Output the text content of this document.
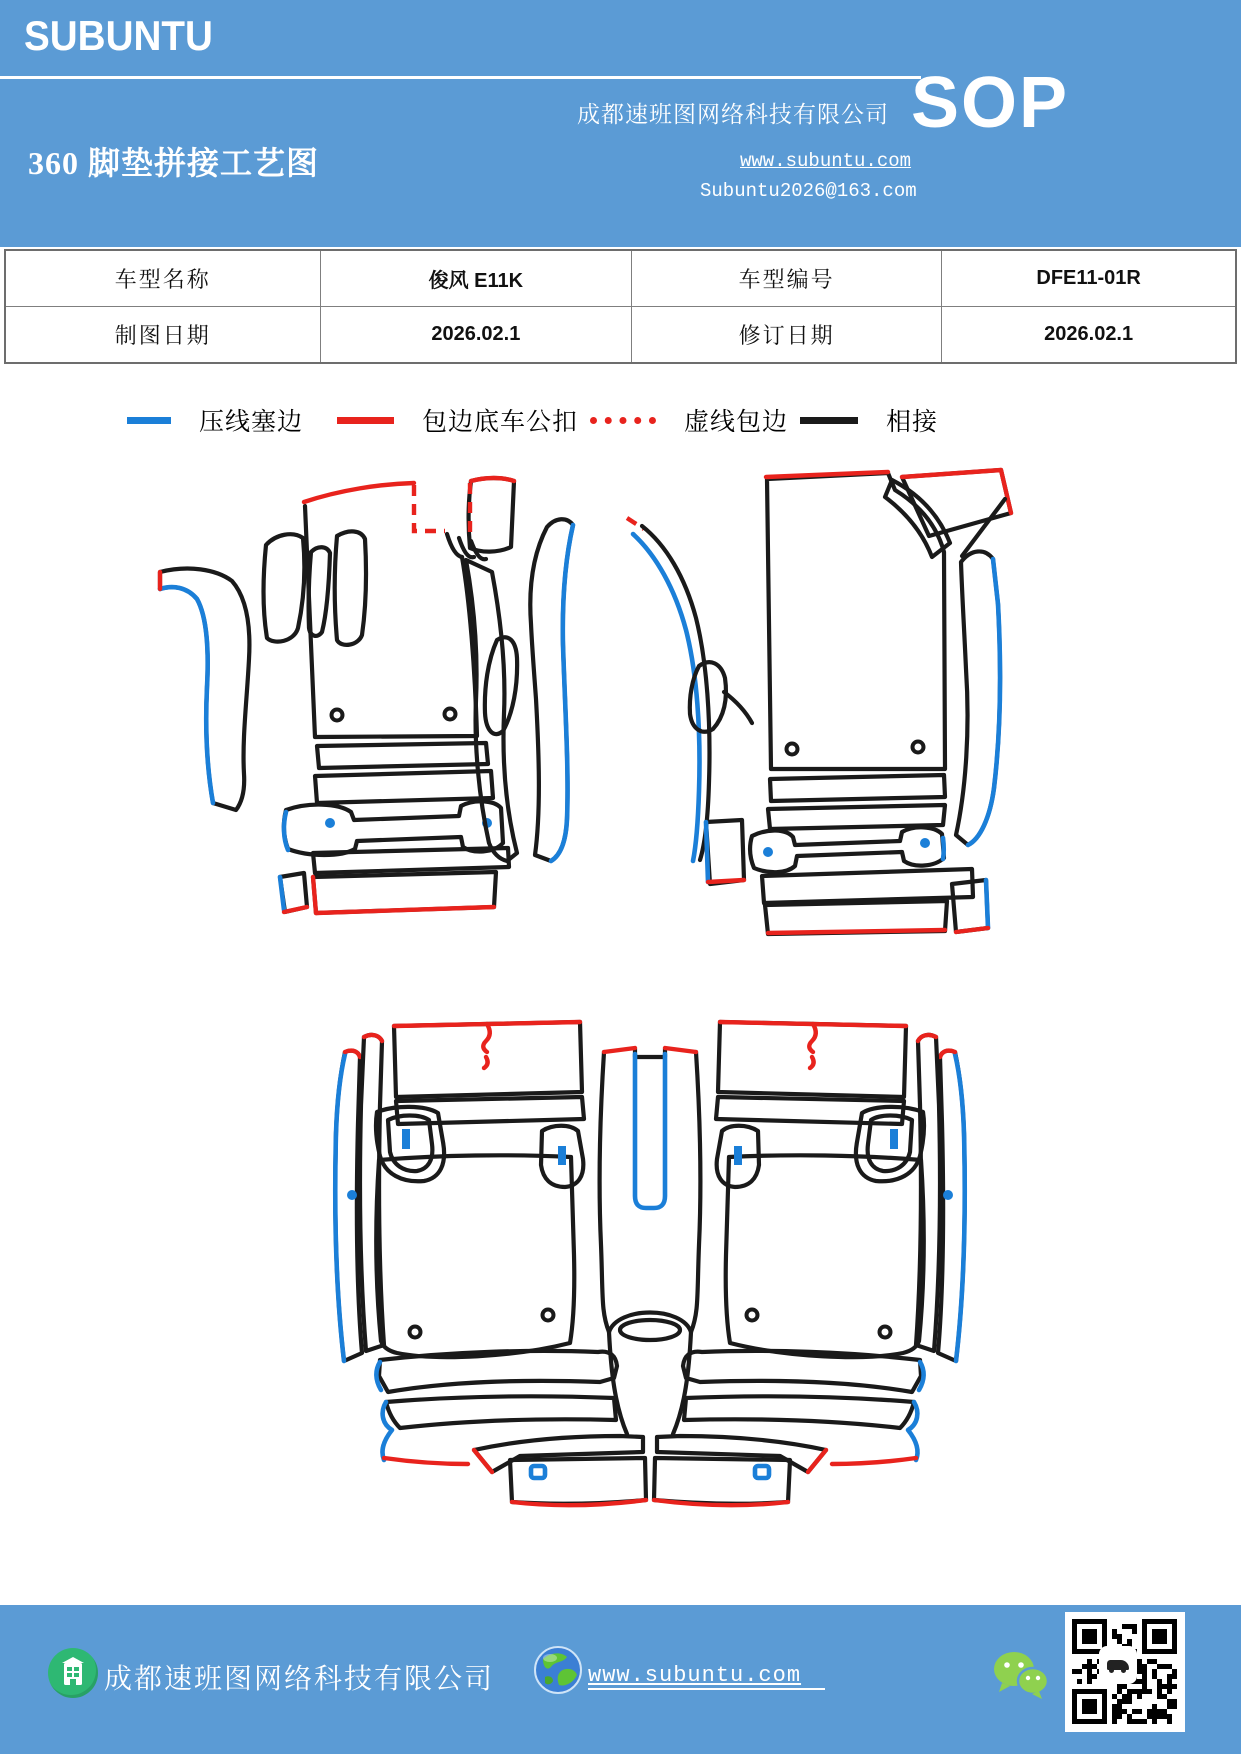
SUBUNTU
360 脚垫拼接工艺图
成都速班图网络科技有限公司 SOP
www.subuntu.com
Subuntu2026@163.com
车型名称	俊风 E11K	车型编号	DFE11-01R
制图日期	2026.02.1	修订日期	2026.02.1
压线塞边	包边底车公扣	虚线包边	相接
成都速班图网络科技有限公司	www.subuntu.com
